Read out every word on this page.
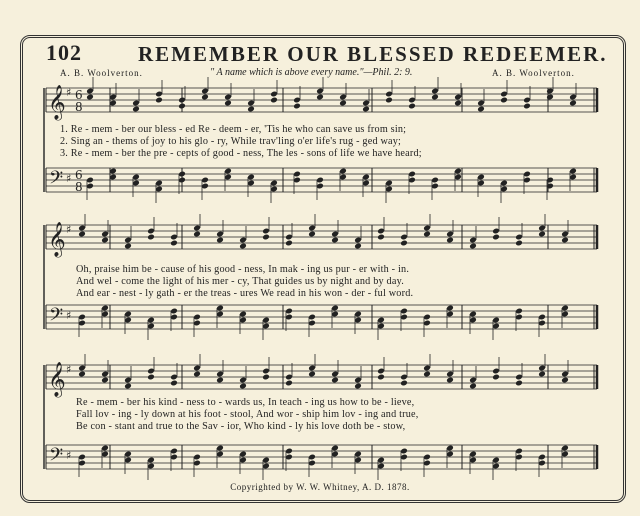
102	REMEMBER OUR BLESSED REDEEMER.
A. B. Woolverton.	" A name which is above every name."—Phil. 2: 9.	A. B. Woolverton.
𝄞 ♯ 6
8
𝄢 ♯ 6
8
𝄞 ♯
𝄢 ♯
𝄞 ♯
𝄢 ♯
1. Re - mem - ber our bless - ed Re - deem - er, 'Tis he who can save us from sin;
2. Sing an - thems of joy to his glo - ry, While trav'ling o'er life's rug - ged way;
3. Re - mem - ber the pre - cepts of good - ness, The les - sons of life we have heard;
Oh, praise him be - cause of his good - ness, In mak - ing us pur - er with - in.
And wel - come the light of his mer - cy, That guides us by night and by day.
And ear - nest - ly gath - er the treas - ures We read in his won - der - ful word.
Re - mem - ber his kind - ness to - wards us, In teach - ing us how to be - lieve,
Fall lov - ing - ly down at his foot - stool, And wor - ship him lov - ing and true,
Be con - stant and true to the Sav - ior, Who kind - ly his love doth be - stow,
Copyrighted by W. W. Whitney, A. D. 1878.
